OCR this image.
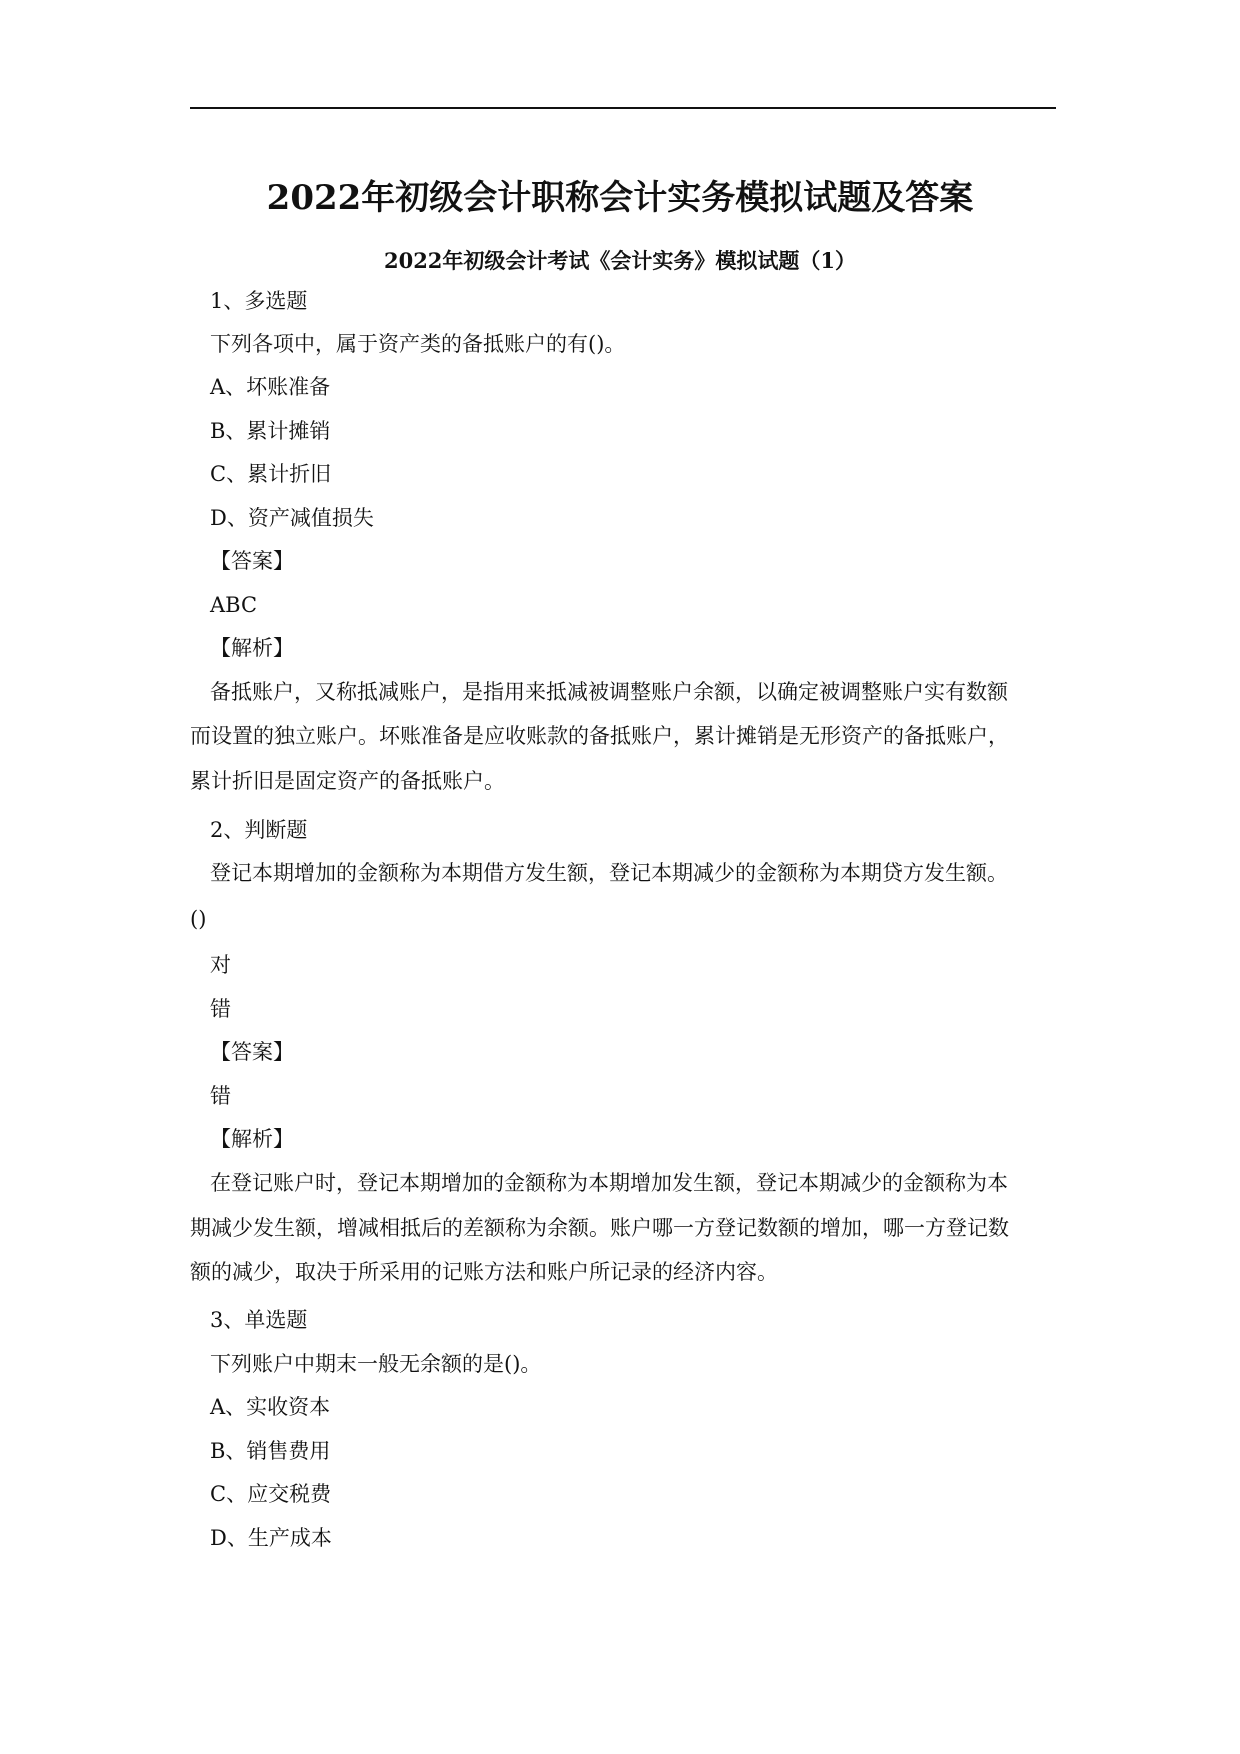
2022年初级会计职称会计实务模拟试题及答案
2022年初级会计考试《会计实务》模拟试题（1）
1、多选题
下列各项中，属于资产类的备抵账户的有()。
A、坏账准备
B、累计摊销
C、累计折旧
D、资产减值损失
【答案】
ABC
【解析】
备抵账户，又称抵减账户，是指用来抵减被调整账户余额，以确定被调整账户实有数额
而设置的独立账户。坏账准备是应收账款的备抵账户，累计摊销是无形资产的备抵账户，
累计折旧是固定资产的备抵账户。
2、判断题
登记本期增加的金额称为本期借方发生额，登记本期减少的金额称为本期贷方发生额。
()
对
错
【答案】
错
【解析】
在登记账户时，登记本期增加的金额称为本期增加发生额，登记本期减少的金额称为本
期减少发生额，增减相抵后的差额称为余额。账户哪一方登记数额的增加，哪一方登记数
额的减少，取决于所采用的记账方法和账户所记录的经济内容。
3、单选题
下列账户中期末一般无余额的是()。
A、实收资本
B、销售费用
C、应交税费
D、生产成本
